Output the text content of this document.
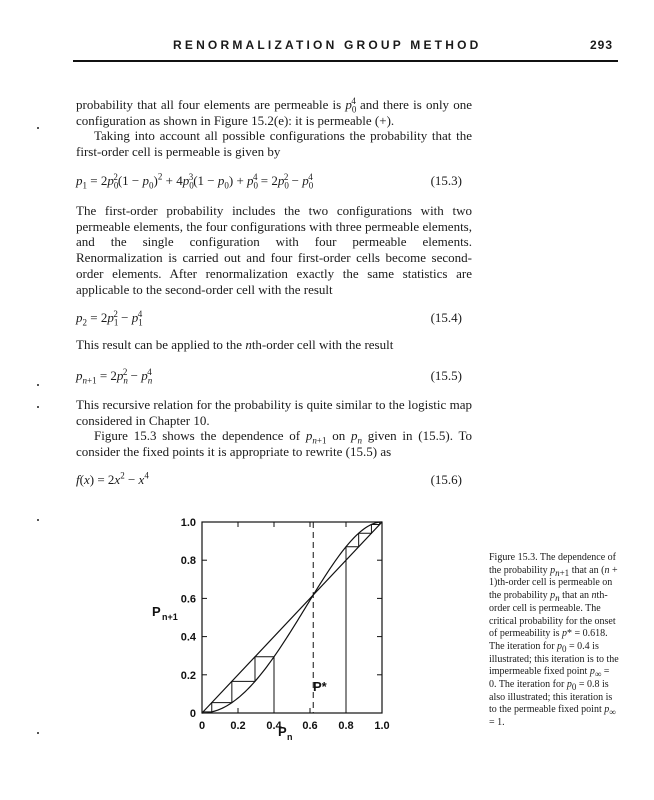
RENORMALIZATION GROUP METHOD	293

probability that all four elements are permeable is $p_0^4$ and there is only one configuration as shown in Figure 15.2(e): it is permeable (+).

Taking into account all possible configurations the probability that the first-order cell is permeable is given by

$p_1 = 2p_0^2(1 - p_0)^2 + 4p_0^3(1 - p_0) + p_0^4 = 2p_0^2 - p_0^4$	(15.3)
The first-order probability includes the two configurations with two permeable elements, the four configurations with three permeable elements, and the single configuration with four permeable elements. Renormalization is carried out and four first-order cells become second-order elements. After renormalization exactly the same statistics are applicable to the second-order cell with the result
$p_2 = 2p_1^2 - p_1^4$	(15.4)
This result can be applied to the nth-order cell with the result
$p_{n+1} = 2p_n^2 - p_n^4$	(15.5)

This recursive relation for the probability is quite similar to the logistic map considered in Chapter 10.

Figure 15.3 shows the dependence of $p_{n+1}$ on $p_n$ given in (15.5). To consider the fixed points it is appropriate to rewrite (15.5) as

$f(x) = 2x^2 - x^4$	(15.6)
0
0.2
0.4
0.6
0.8
1.0
0 0.2 0.4 0.6 0.8 1.0
P n+1
P n
P*

Figure 15.3. The dependence of the probability $p_{n+1}$ that an (n + 1)th-order cell is permeable on the probability $p_n$ that an nth-order cell is permeable. The critical probability for the onset of permeability is p* = 0.618. The iteration for $p_0 = 0.4$ is illustrated; this iteration is to the impermeable fixed point $p_\infty = 0$. The iteration for $p_0 = 0.8$ is also illustrated; this iteration is to the permeable fixed point $p_\infty = 1$.
